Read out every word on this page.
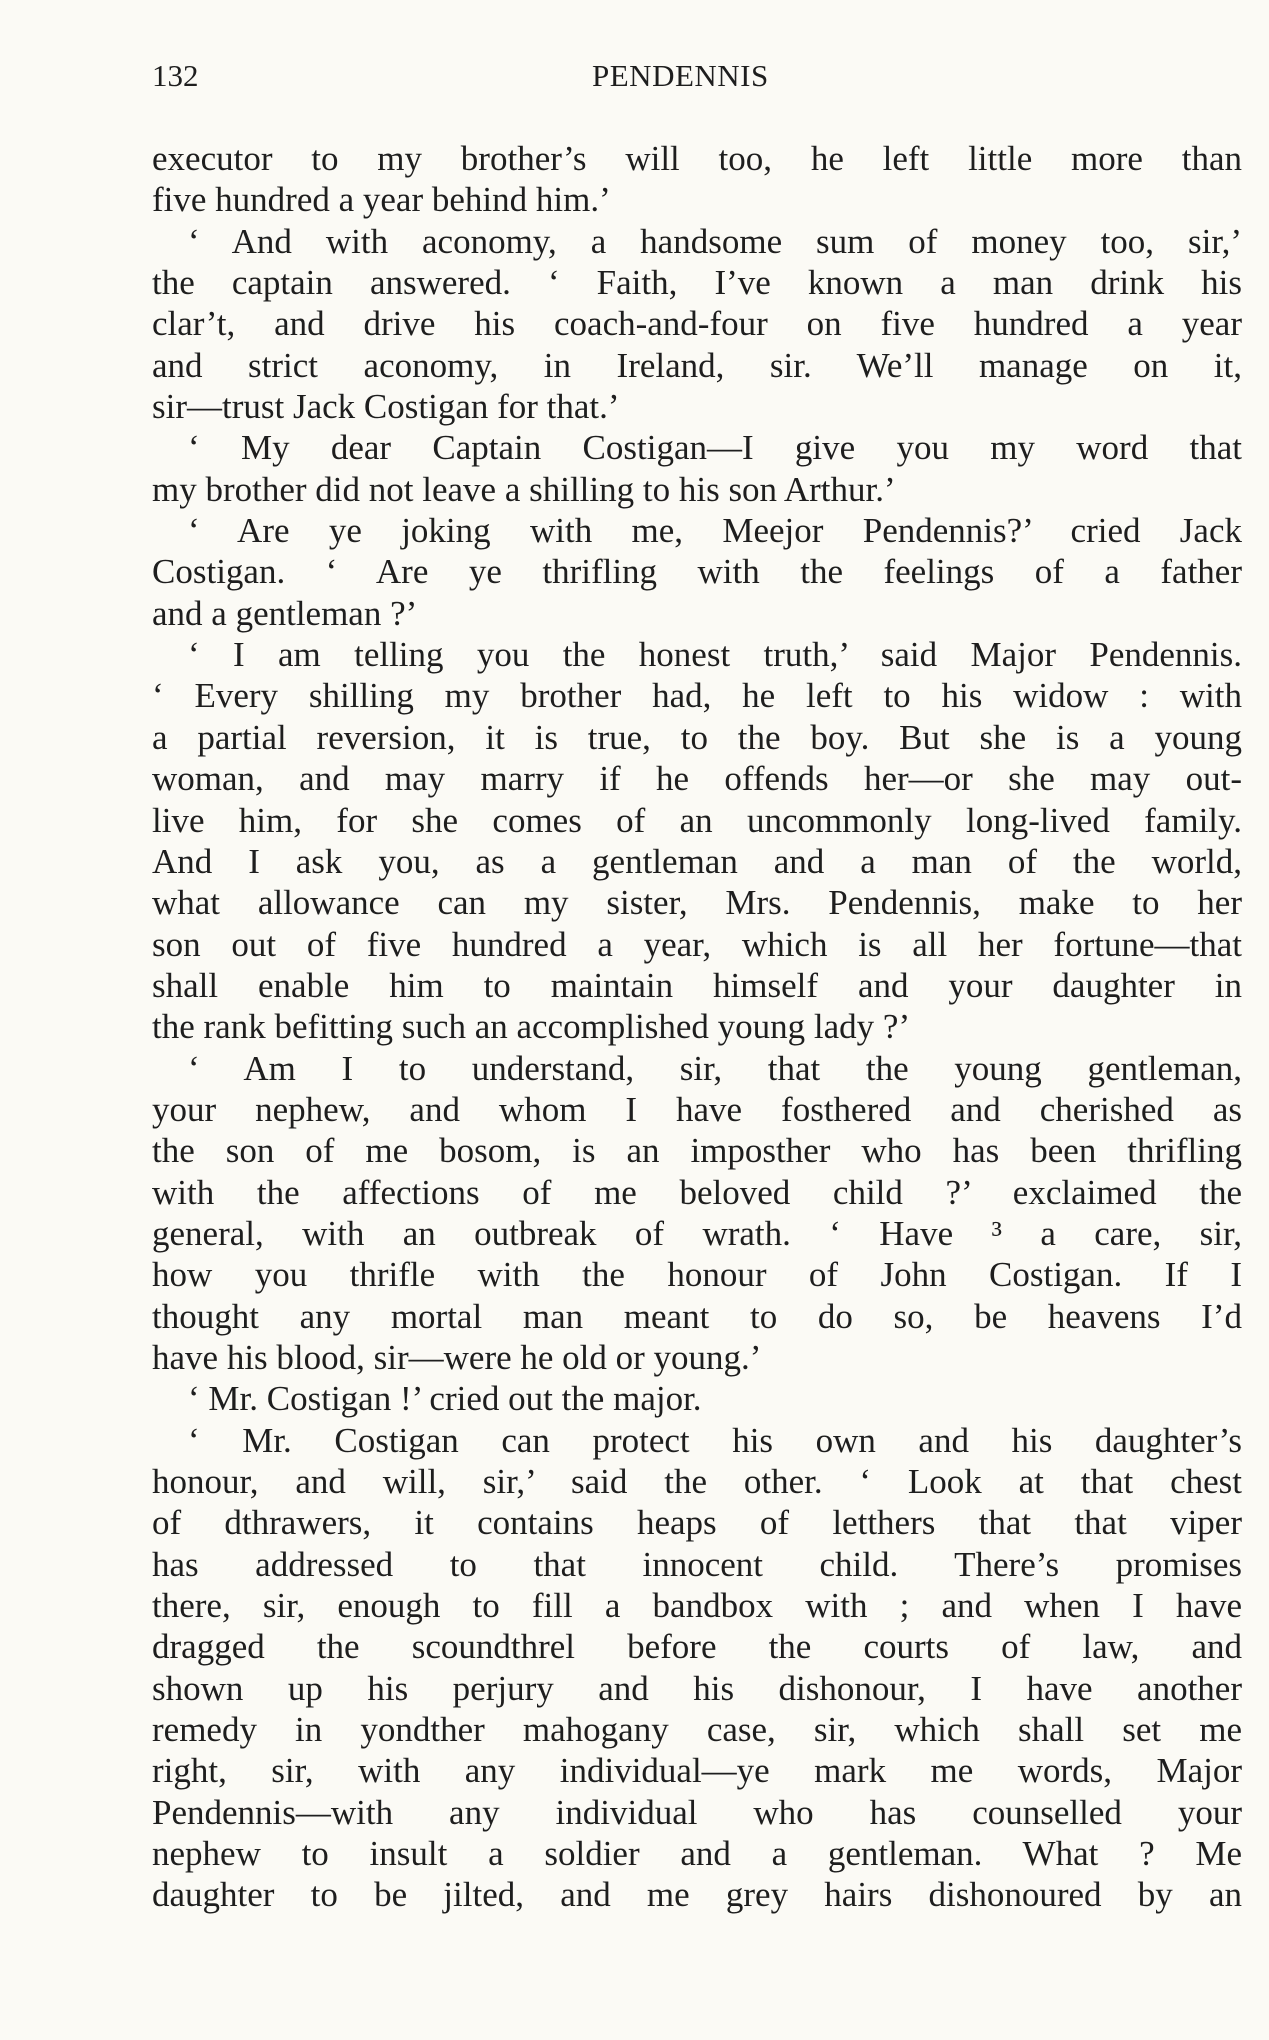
132	PENDENNIS
executor to my brother’s will too, he left little more than
five hundred a year behind him.’
‘ And with aconomy, a handsome sum of money too, sir,’
the captain answered. ‘ Faith, I’ve known a man drink his
clar’t, and drive his coach-and-four on five hundred a year
and strict aconomy, in Ireland, sir. We’ll manage on it,
sir—trust Jack Costigan for that.’
‘ My dear Captain Costigan—I give you my word that
my brother did not leave a shilling to his son Arthur.’
‘ Are ye joking with me, Meejor Pendennis?’ cried Jack
Costigan. ‘ Are ye thrifling with the feelings of a father
and a gentleman ?’
‘ I am telling you the honest truth,’ said Major Pendennis.
‘ Every shilling my brother had, he left to his widow : with
a partial reversion, it is true, to the boy. But she is a young
woman, and may marry if he offends her—or she may out-
live him, for she comes of an uncommonly long-lived family.
And I ask you, as a gentleman and a man of the world,
what allowance can my sister, Mrs. Pendennis, make to her
son out of five hundred a year, which is all her fortune—that
shall enable him to maintain himself and your daughter in
the rank befitting such an accomplished young lady ?’
‘ Am I to understand, sir, that the young gentleman,
your nephew, and whom I have fosthered and cherished as
the son of me bosom, is an imposther who has been thrifling
with the affections of me beloved child ?’ exclaimed the
general, with an outbreak of wrath. ‘ Have ³ a care, sir,
how you thrifle with the honour of John Costigan. If I
thought any mortal man meant to do so, be heavens I’d
have his blood, sir—were he old or young.’
‘ Mr. Costigan !’ cried out the major.
‘ Mr. Costigan can protect his own and his daughter’s
honour, and will, sir,’ said the other. ‘ Look at that chest
of dthrawers, it contains heaps of letthers that that viper
has addressed to that innocent child. There’s promises
there, sir, enough to fill a bandbox with ; and when I have
dragged the scoundthrel before the courts of law, and
shown up his perjury and his dishonour, I have another
remedy in yondther mahogany case, sir, which shall set me
right, sir, with any individual—ye mark me words, Major
Pendennis—with any individual who has counselled your
nephew to insult a soldier and a gentleman. What ? Me
daughter to be jilted, and me grey hairs dishonoured by an
